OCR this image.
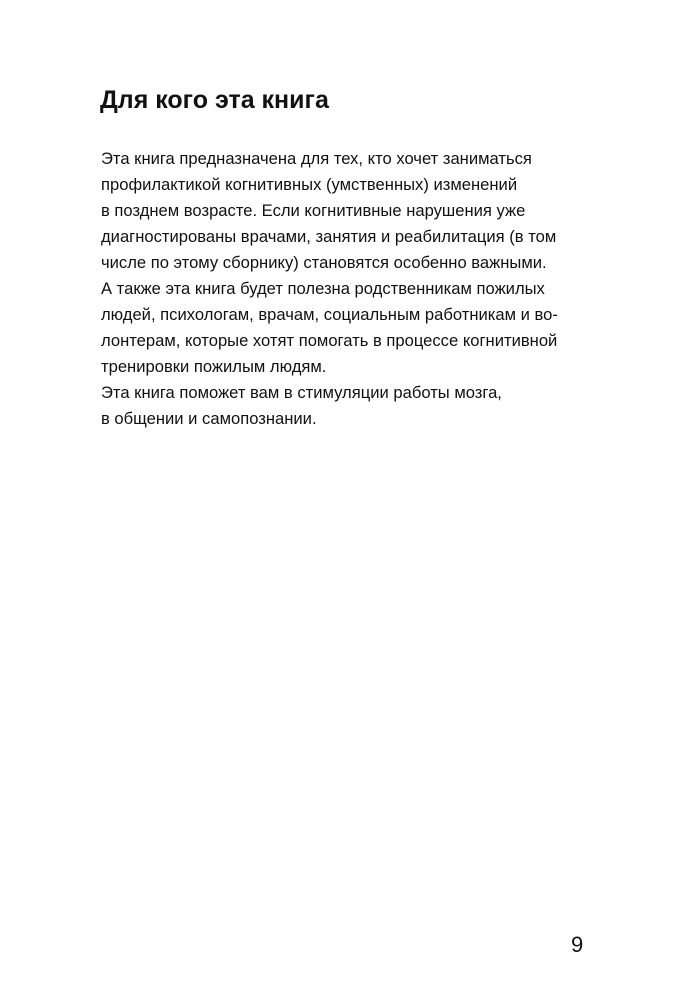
Для кого эта книга
Эта книга предназначена для тех, кто хочет заниматься
профилактикой когнитивных (умственных) изменений
в позднем возрасте. Если когнитивные нарушения уже
диагностированы врачами, занятия и реабилитация (в том
числе по этому сборнику) становятся особенно важными.
А также эта книга будет полезна родственникам пожилых
людей, психологам, врачам, социальным работникам и во-
лонтерам, которые хотят помогать в процессе когнитивной
тренировки пожилым людям.
Эта книга поможет вам в стимуляции работы мозга,
в общении и самопознании.
9
